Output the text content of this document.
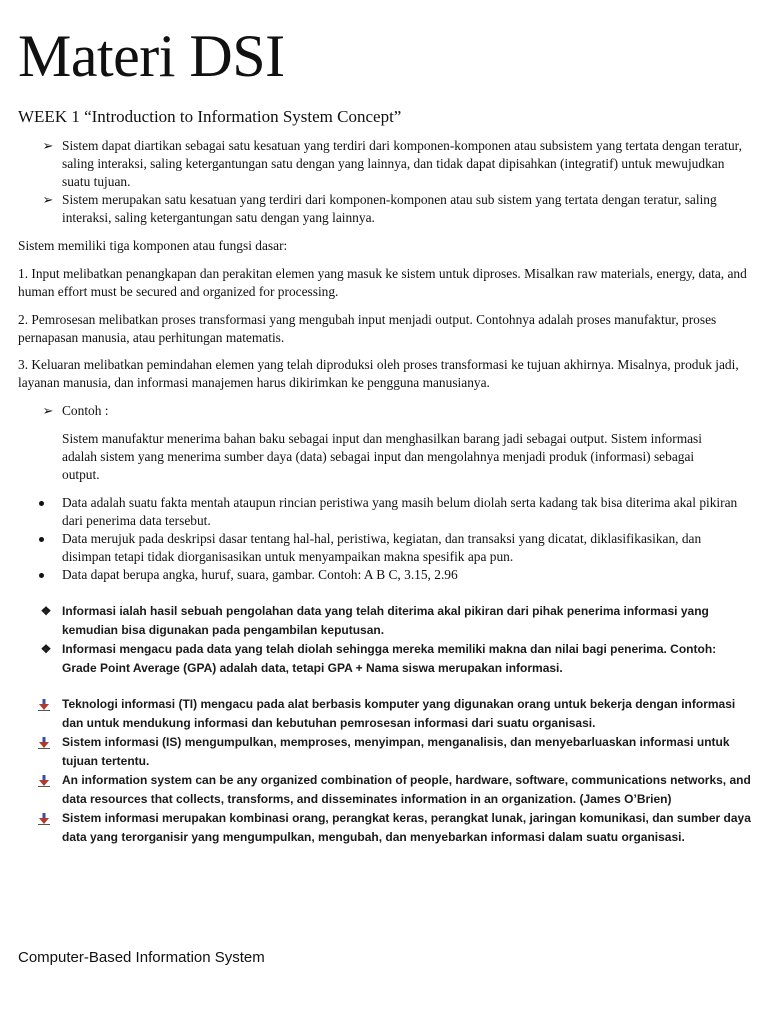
Materi DSI
WEEK 1 “Introduction to Information System Concept”
➢ Sistem dapat diartikan sebagai satu kesatuan yang terdiri dari komponen-komponen atau subsistem yang tertata dengan teratur, saling interaksi, saling ketergantungan satu dengan yang lainnya, dan tidak dapat dipisahkan (integratif) untuk mewujudkan suatu tujuan.
➢ Sistem merupakan satu kesatuan yang terdiri dari komponen-komponen atau sub sistem yang tertata dengan teratur, saling interaksi, saling ketergantungan satu dengan yang lainnya.

Sistem memiliki tiga komponen atau fungsi dasar:

1. Input melibatkan penangkapan dan perakitan elemen yang masuk ke sistem untuk diproses. Misalkan raw materials, energy, data, and human effort must be secured and organized for processing.

2. Pemrosesan melibatkan proses transformasi yang mengubah input menjadi output. Contohnya adalah proses manufaktur, proses pernapasan manusia, atau perhitungan matematis.

3. Keluaran melibatkan pemindahan elemen yang telah diproduksi oleh proses transformasi ke tujuan akhirnya. Misalnya, produk jadi, layanan manusia, dan informasi manajemen harus dikirimkan ke pengguna manusianya.

➢ Contoh :

Sistem manufaktur menerima bahan baku sebagai input dan menghasilkan barang jadi sebagai output. Sistem informasi adalah sistem yang menerima sumber daya (data) sebagai input dan mengolahnya menjadi produk (informasi) sebagai output.

Data adalah suatu fakta mentah ataupun rincian peristiwa yang masih belum diolah serta kadang tak bisa diterima akal pikiran dari penerima data tersebut.
Data merujuk pada deskripsi dasar tentang hal-hal, peristiwa, kegiatan, dan transaksi yang dicatat, diklasifikasikan, dan disimpan tetapi tidak diorganisasikan untuk menyampaikan makna spesifik apa pun.
Data dapat berupa angka, huruf, suara, gambar. Contoh: A B C, 3.15, 2.96
❖ Informasi ialah hasil sebuah pengolahan data yang telah diterima akal pikiran dari pihak penerima informasi yang kemudian bisa digunakan pada pengambilan keputusan.
❖ Informasi mengacu pada data yang telah diolah sehingga mereka memiliki makna dan nilai bagi penerima. Contoh: Grade Point Average (GPA) adalah data, tetapi GPA + Nama siswa merupakan informasi.
Teknologi informasi (TI) mengacu pada alat berbasis komputer yang digunakan orang untuk bekerja dengan informasi dan untuk mendukung informasi dan kebutuhan pemrosesan informasi dari suatu organisasi.
Sistem informasi (IS) mengumpulkan, memproses, menyimpan, menganalisis, dan menyebarluaskan informasi untuk tujuan tertentu.
An information system can be any organized combination of people, hardware, software, communications networks, and data resources that collects, transforms, and disseminates information in an organization. (James O’Brien)
Sistem informasi merupakan kombinasi orang, perangkat keras, perangkat lunak, jaringan komunikasi, dan sumber daya data yang terorganisir yang mengumpulkan, mengubah, dan menyebarkan informasi dalam suatu organisasi.
Computer-Based Information System
